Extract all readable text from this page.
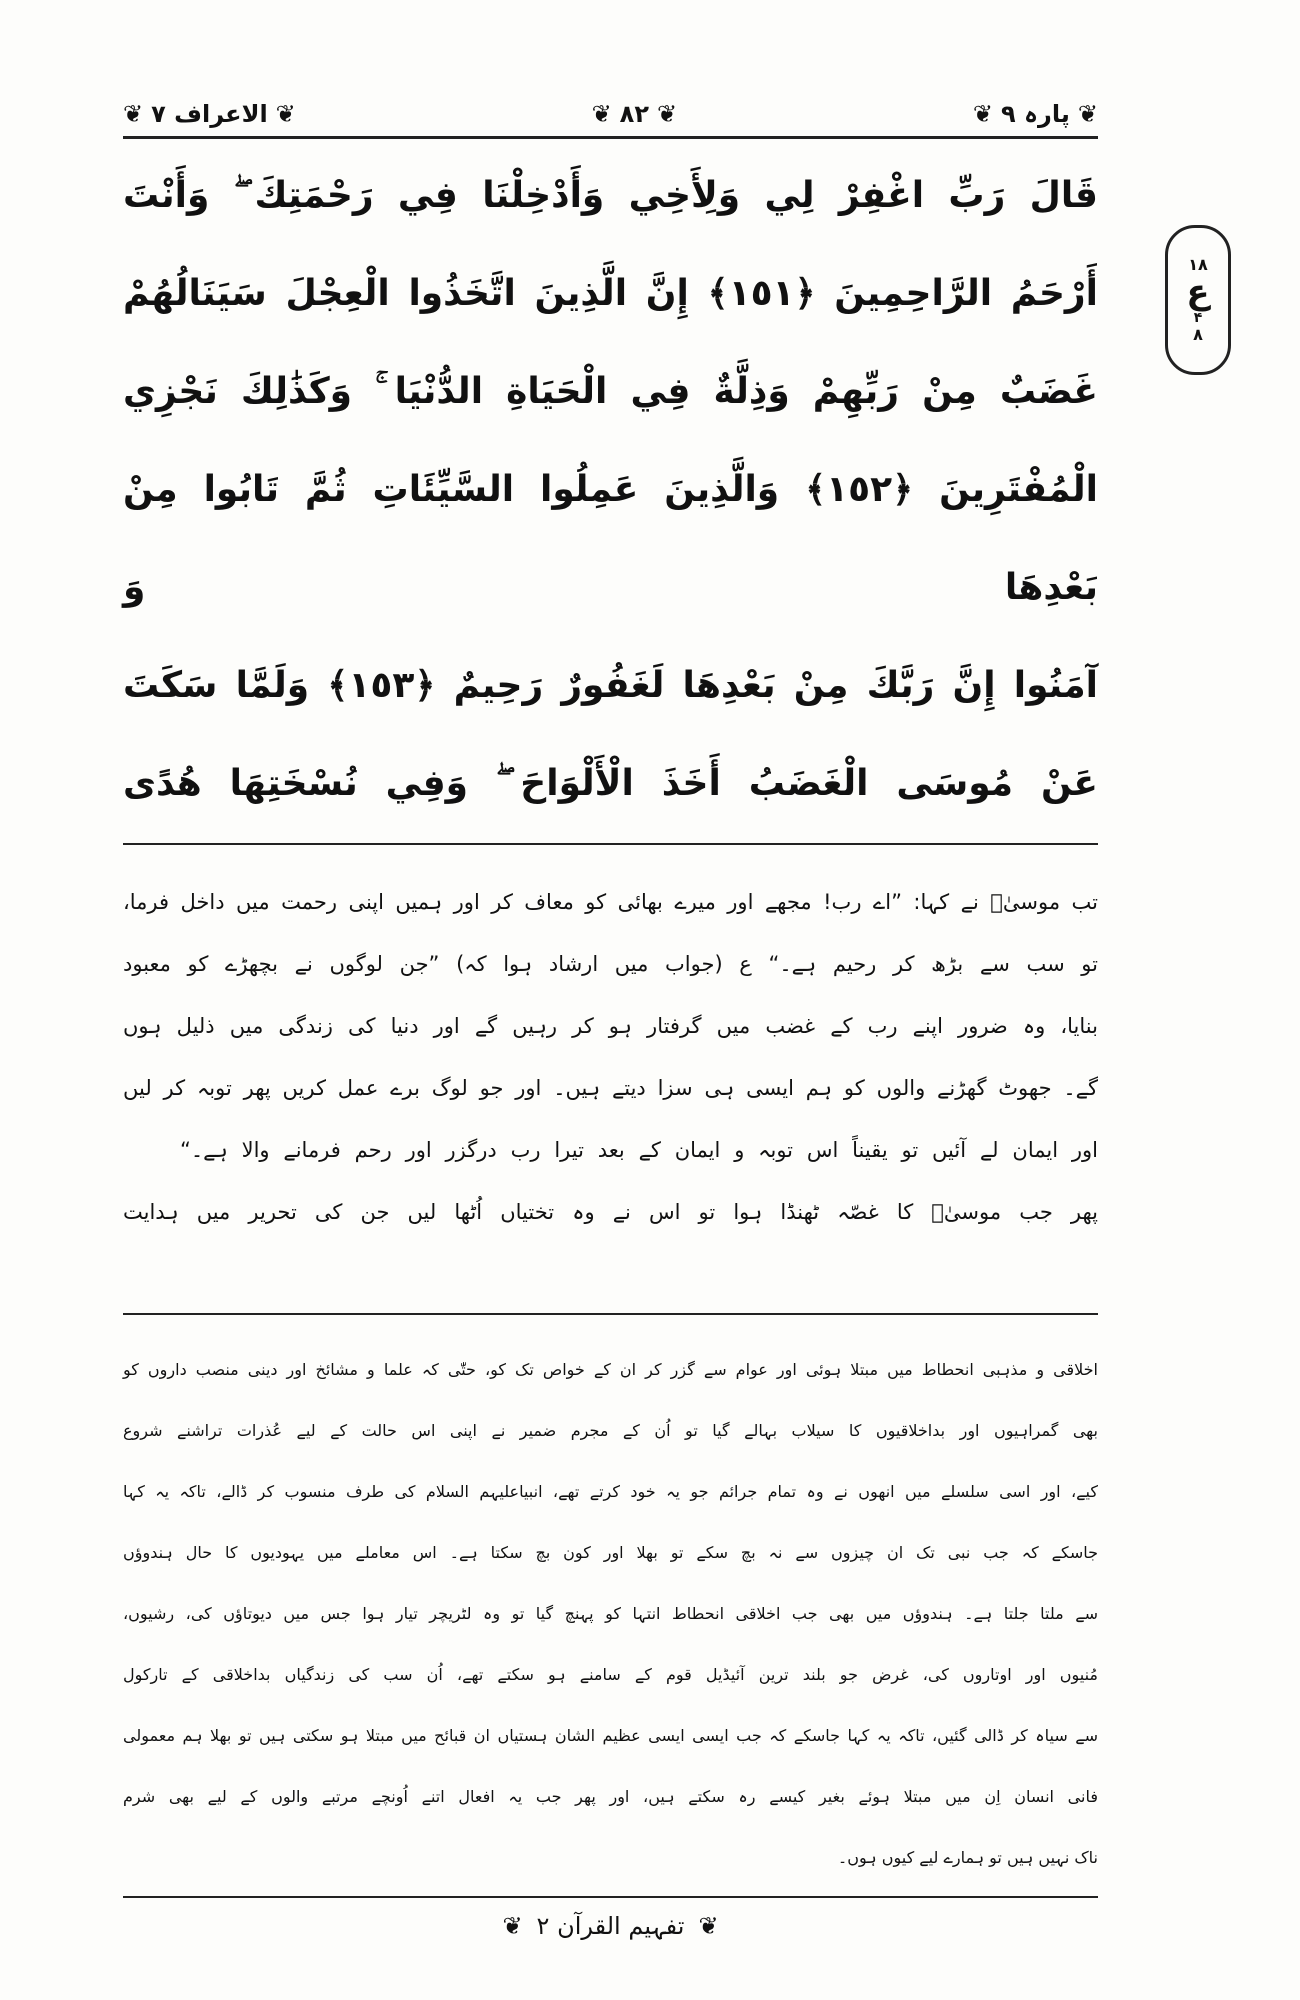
❦
پارہ ۹
❦
❦
۸۲
❦
❦
الاعراف ۷
❦
۱۸
ع
۴
۸
قَالَ رَبِّ اغْفِرْ لِي وَلِأَخِي وَأَدْخِلْنَا فِي رَحْمَتِكَ ۖ وَأَنْتَ
أَرْحَمُ الرَّاحِمِينَ ﴿١٥١﴾ إِنَّ الَّذِينَ اتَّخَذُوا الْعِجْلَ سَيَنَالُهُمْ
غَضَبٌ مِنْ رَبِّهِمْ وَذِلَّةٌ فِي الْحَيَاةِ الدُّنْيَا ۚ وَكَذَٰلِكَ نَجْزِي
الْمُفْتَرِينَ ﴿١٥٢﴾ وَالَّذِينَ عَمِلُوا السَّيِّئَاتِ ثُمَّ تَابُوا مِنْ بَعْدِهَا وَ
آمَنُوا إِنَّ رَبَّكَ مِنْ بَعْدِهَا لَغَفُورٌ رَحِيمٌ ﴿١٥٣﴾ وَلَمَّا سَكَتَ
عَنْ مُوسَى الْغَضَبُ أَخَذَ الْأَلْوَاحَ ۖ وَفِي نُسْخَتِهَا هُدًى
تب موسیٰؑ نے کہا: ”اے رب! مجھے اور میرے بھائی کو معاف کر اور ہمیں اپنی رحمت میں داخل فرما،
تو سب سے بڑھ کر رحیم ہے۔“ ع (جواب میں ارشاد ہوا کہ) ”جن لوگوں نے بچھڑے کو معبود
بنایا، وہ ضرور اپنے رب کے غضب میں گرفتار ہو کر رہیں گے اور دنیا کی زندگی میں ذلیل ہوں
گے۔ جھوٹ گھڑنے والوں کو ہم ایسی ہی سزا دیتے ہیں۔ اور جو لوگ برے عمل کریں پھر توبہ کر لیں
اور ایمان لے آئیں تو یقیناً اس توبہ و ایمان کے بعد تیرا رب درگزر اور رحم فرمانے والا ہے۔“
پھر جب موسیٰؑ کا غصّہ ٹھنڈا ہوا تو اس نے وہ تختیاں اُٹھا لیں جن کی تحریر میں ہدایت
اخلاقی و مذہبی انحطاط میں مبتلا ہوئی اور عوام سے گزر کر ان کے خواص تک کو، حتّٰی کہ علما و مشائخ اور دینی منصب داروں کو
بھی گمراہیوں اور بداخلاقیوں کا سیلاب بہالے گیا تو اُن کے مجرم ضمیر نے اپنی اس حالت کے لیے عُذرات تراشنے شروع
کیے، اور اسی سلسلے میں انھوں نے وہ تمام جرائم جو یہ خود کرتے تھے، انبیاعلیہم السلام کی طرف منسوب کر ڈالے، تاکہ یہ کہا
جاسکے کہ جب نبی تک ان چیزوں سے نہ بچ سکے تو بھلا اور کون بچ سکتا ہے۔ اس معاملے میں یہودیوں کا حال ہندوؤں
سے ملتا جلتا ہے۔ ہندوؤں میں بھی جب اخلاقی انحطاط انتہا کو پہنچ گیا تو وہ لٹریچر تیار ہوا جس میں دیوتاؤں کی، رشیوں،
مُنیوں اور اوتاروں کی، غرض جو بلند ترین آئیڈیل قوم کے سامنے ہو سکتے تھے، اُن سب کی زندگیاں بداخلاقی کے تارکول
سے سیاہ کر ڈالی گئیں، تاکہ یہ کہا جاسکے کہ جب ایسی ایسی عظیم الشان ہستیاں ان قبائح میں مبتلا ہو سکتی ہیں تو بھلا ہم معمولی
فانی انسان اِن میں مبتلا ہوئے بغیر کیسے رہ سکتے ہیں، اور پھر جب یہ افعال اتنے اُونچے مرتبے والوں کے لیے بھی شرم
ناک نہیں ہیں تو ہمارے لیے کیوں ہوں۔
❦
تفہیم القرآن ۲
❦
